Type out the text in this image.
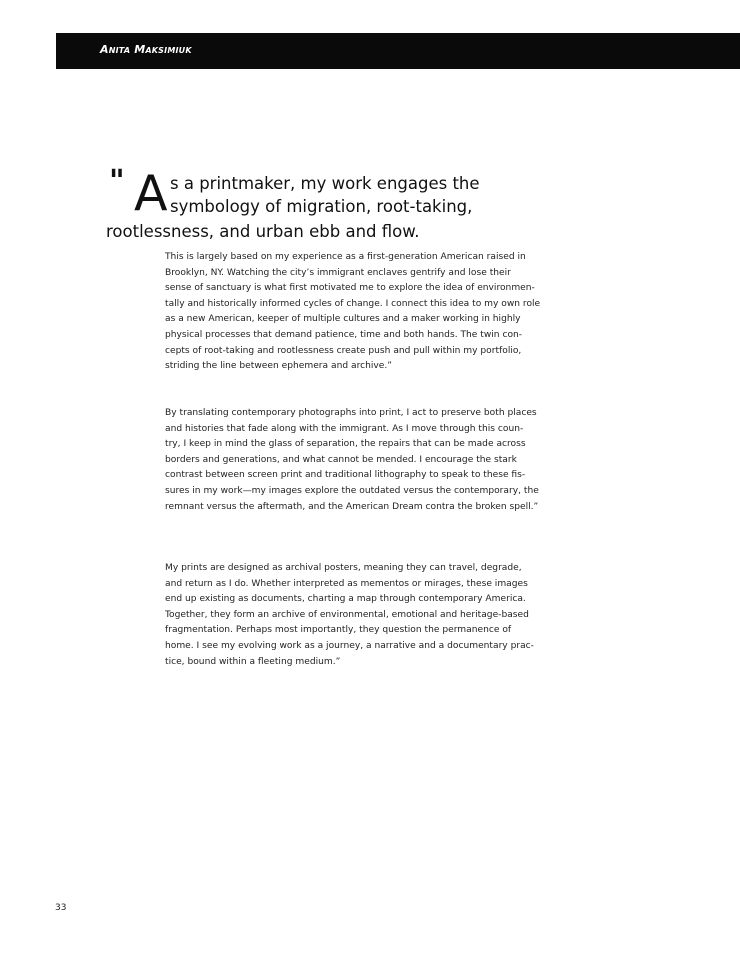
Anita Maksimiuk
" A s a printmaker, my work engages the
symbology of migration, root-taking,
rootlessness, and urban ebb and flow.
This is largely based on my experience as a first-generation American raised in
Brooklyn, NY. Watching the city’s immigrant enclaves gentrify and lose their
sense of sanctuary is what first motivated me to explore the idea of environmen-
tally and historically informed cycles of change. I connect this idea to my own role
as a new American, keeper of multiple cultures and a maker working in highly
physical processes that demand patience, time and both hands. The twin con-
cepts of root-taking and rootlessness create push and pull within my portfolio,
striding the line between ephemera and archive.”
By translating contemporary photographs into print, I act to preserve both places
and histories that fade along with the immigrant. As I move through this coun-
try, I keep in mind the glass of separation, the repairs that can be made across
borders and generations, and what cannot be mended. I encourage the stark
contrast between screen print and traditional lithography to speak to these fis-
sures in my work—my images explore the outdated versus the contemporary, the
remnant versus the aftermath, and the American Dream contra the broken spell.”
My prints are designed as archival posters, meaning they can travel, degrade,
and return as I do. Whether interpreted as mementos or mirages, these images
end up existing as documents, charting a map through contemporary America.
Together, they form an archive of environmental, emotional and heritage-based
fragmentation. Perhaps most importantly, they question the permanence of
home. I see my evolving work as a journey, a narrative and a documentary prac-
tice, bound within a fleeting medium.”
33
